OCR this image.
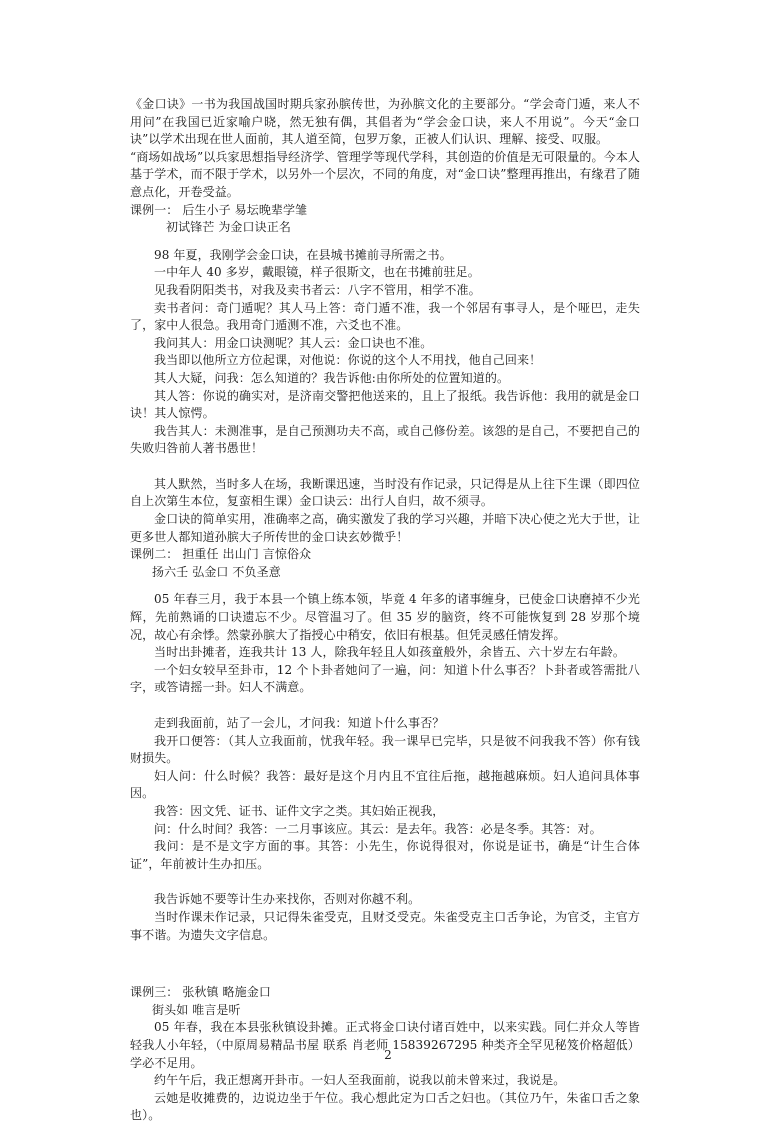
《金口诀》一书为我国战国时期兵家孙膑传世，为孙膑文化的主要部分。“学会奇门遁，来人不用问”在我国已近家喻户晓，然无独有偶，其倡者为“学会金口诀，来人不用说”。今天“金口诀”以学术出现在世人面前，其人道至简，包罗万象，正被人们认识、理解、接受、叹服。

“商场如战场”以兵家思想指导经济学、管理学等现代学科，其创造的价值是无可限量的。今本人基于学术，而不限于学术，以另外一个层次，不同的角度，对“金口诀”整理再推出，有缘君了随意点化，开卷受益。

课例一： 后生小子 易坛晚辈学雏

初试锋芒 为金口诀正名

98 年夏，我刚学会金口诀，在县城书摊前寻所需之书。

一中年人 40 多岁，戴眼镜，样子很斯文，也在书摊前驻足。

见我看阴阳类书，对我及卖书者云：八字不管用，相学不准。

卖书者问：奇门遁呢？其人马上答：奇门遁不准，我一个邻居有事寻人，是个哑巴，走失了，家中人很急。我用奇门遁测不准，六爻也不准。

我问其人：用金口诀测呢？其人云：金口诀也不准。

我当即以他所立方位起课，对他说：你说的这个人不用找，他自己回来！

其人大疑，问我：怎么知道的？我告诉他:由你所处的位置知道的。

其人答：你说的确实对，是济南交警把他送来的，且上了报纸。我告诉他：我用的就是金口诀！其人惊愕。

我告其人：未测准事，是自己预测功夫不高，或自己修份差。该怨的是自己，不要把自己的失败归咎前人著书愚世！

其人默然，当时多人在场，我断课迅速，当时没有作记录，只记得是从上往下生课（即四位自上次第生本位，复蛮相生课）金口诀云：出行人自归，故不须寻。

金口诀的简单实用，准确率之高，确实激发了我的学习兴趣，并暗下决心使之光大于世，让更多世人都知道孙膑大子所传世的金口诀玄妙微乎！

课例二： 担重任 出山门 言惊俗众

扬六壬 弘金口 不负圣意

05 年春三月，我于本县一个镇上练本领，毕竟 4 年多的诸事缠身，已使金口诀磨掉不少光辉，先前熟诵的口诀遗忘不少。尽管温习了。但 35 岁的脑资，终不可能恢复到 28 岁那个境况，故心有余悸。然蒙孙膑大了指授心中稍安，依旧有根基。但凭灵感任情发挥。

当时出卦摊者，连我共计 13 人，除我年轻且人如孩童般外，余皆五、六十岁左右年龄。

一个妇女较早至卦市，12 个卜卦者她问了一遍，问：知道卜什么事否？卜卦者或答需批八字，或答请摇一卦。妇人不满意。

走到我面前，站了一会儿，才问我：知道卜什么事否？

我开口便答：（其人立我面前，忧我年轻。我一课早已完毕，只是彼不问我我不答）你有钱财损失。

妇人问：什么时候？我答：最好是这个月内且不宜往后拖，越拖越麻烦。妇人追问具体事因。

我答：因文凭、证书、证件文字之类。其妇始正视我，

问：什么时间？我答：一二月事该应。其云：是去年。我答：必是冬季。其答：对。

我问：是不是文字方面的事。其答：小先生，你说得很对，你说是证书，确是“计生合体证”，年前被计生办扣压。

我告诉她不要等计生办来找你，否则对你越不利。

当时作课未作记录，只记得朱雀受克，且财爻受克。朱雀受克主口舌争论，为官爻，主官方事不谐。为遗失文字信息。

课例三： 张秋镇 略施金口

街头如 唯言是听

05 年春，我在本县张秋镇设卦摊。正式将金口诀付诸百姓中，以来实践。同仁并众人等皆轻我人小年轻，（中原周易精品书屋 联系 肖老师 15839267295 种类齐全罕见秘笈价格超低）学必不足用。

约午午后，我正想离开卦市。一妇人至我面前，说我以前未曾来过，我说是。

云她是收摊费的，边说边坐于午位。我心想此定为口舌之妇也。（其位乃午，朱雀口舌之象也）。

2
